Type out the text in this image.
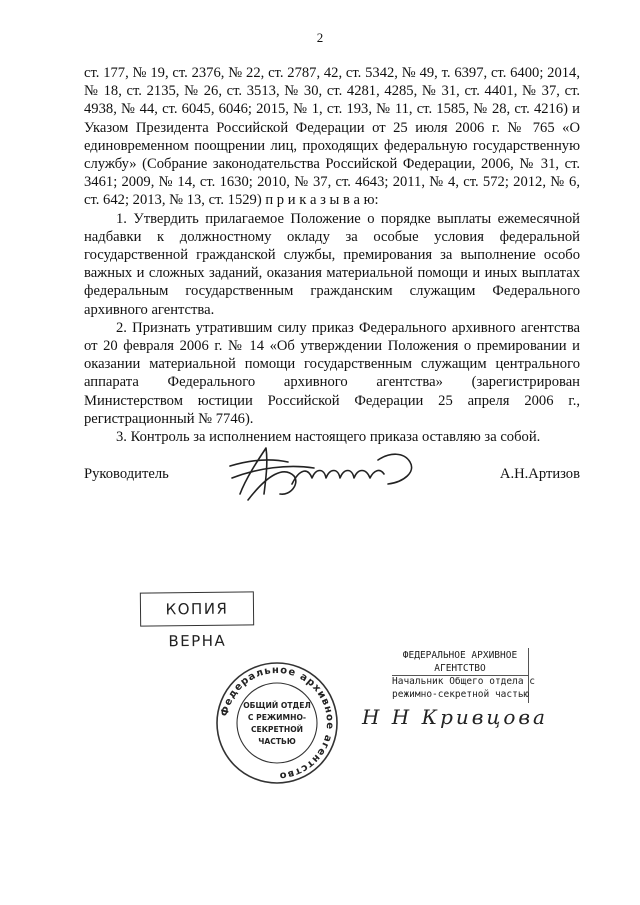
2

ст. 177, № 19, ст. 2376, № 22, ст. 2787, 42, ст. 5342, № 49, т. 6397, ст. 6400; 2014, № 18, ст. 2135, № 26, ст. 3513, № 30, ст. 4281, 4285, № 31, ст. 4401, № 37, ст. 4938, № 44, ст. 6045, 6046; 2015, № 1, ст. 193, № 11, ст. 1585, № 28, ст. 4216) и Указом Президента Российской Федерации от 25 июля 2006 г. № 765 «О единовременном поощрении лиц, проходящих федеральную государственную службу» (Собрание законодательства Российской Федерации, 2006, № 31, ст. 3461; 2009, № 14, ст. 1630; 2010, № 37, ст. 4643; 2011, № 4, ст. 572; 2012, № 6, ст. 642; 2013, № 13, ст. 1529) п р и к а з ы в а ю:

1. Утвердить прилагаемое Положение о порядке выплаты ежемесячной надбавки к должностному окладу за особые условия федеральной государственной гражданской службы, премирования за выполнение особо важных и сложных заданий, оказания материальной помощи и иных выплатах федеральным государственным гражданским служащим Федерального архивного агентства.

2. Признать утратившим силу приказ Федерального архивного агентства от 20 февраля 2006 г. № 14 «Об утверждении Положения о премировании и оказании материальной помощи государственным служащим центрального аппарата Федерального архивного агентства» (зарегистрирован Министерством юстиции Российской Федерации 25 апреля 2006 г., регистрационный № 7746).

3. Контроль за исполнением настоящего приказа оставляю за собой.

Руководитель	А.Н.Артизов
КОПИЯ ВЕРНА
Федеральное архивное агентство
ОБЩИЙ ОТДЕЛ
С РЕЖИМНО-
СЕКРЕТНОЙ
ЧАСТЬЮ
ФЕДЕРАЛЬНОЕ АРХИВНОЕ
АГЕНТСТВО
Начальник Общего отдела с
режимно-секретной частью
Н Н Кривцова
